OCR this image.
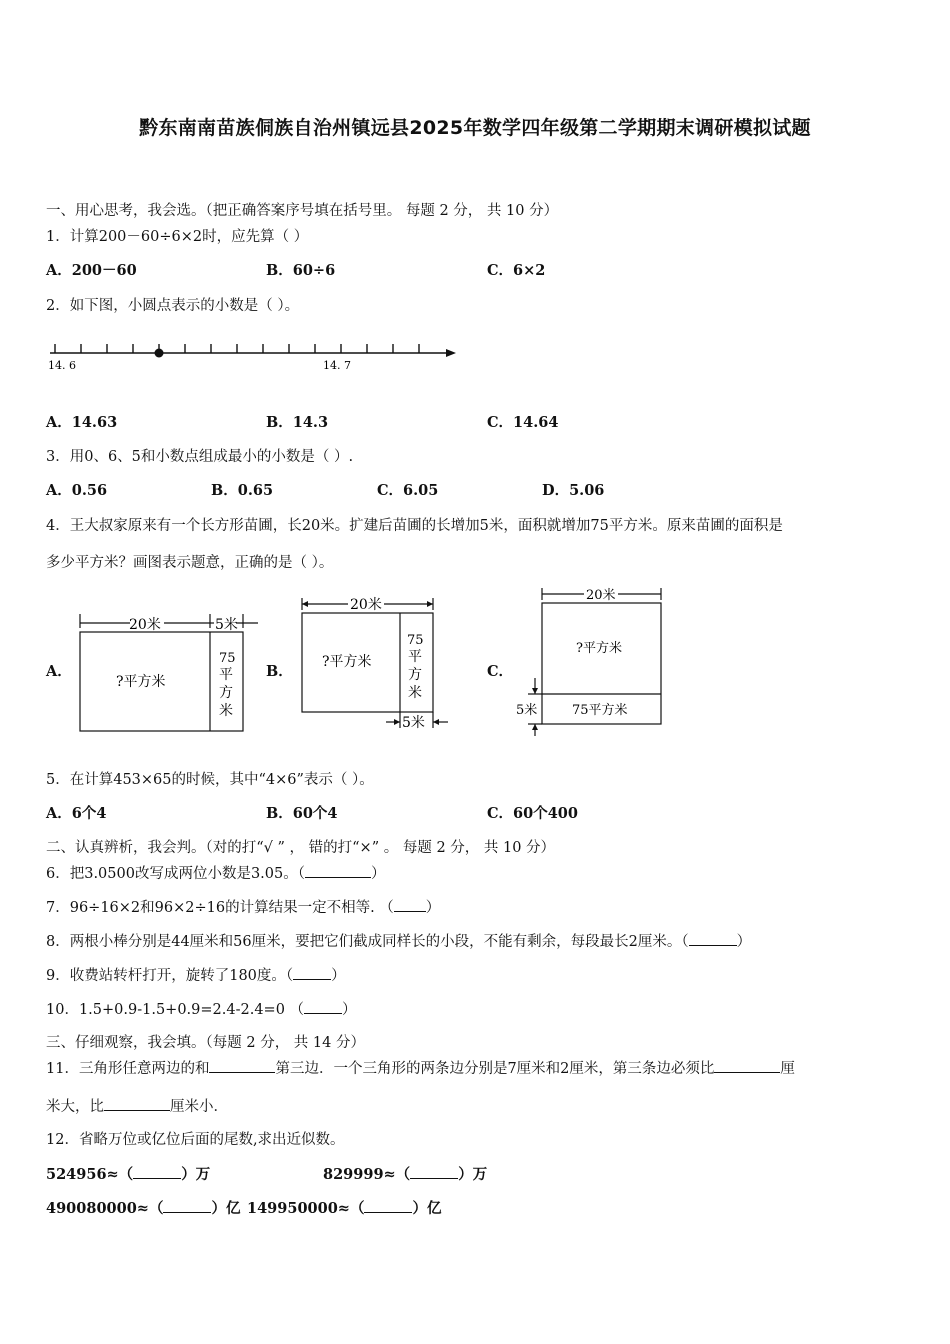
黔东南南苗族侗族自治州镇远县2025年数学四年级第二学期期末调研模拟试题
一、用心思考，我会选。（把正确答案序号填在括号里。 每题 2 分， 共 10 分）
1．计算200－60÷6×2时，应先算（ ）
A．200－60	B．60÷6	C．6×2
2．如下图，小圆点表示的小数是（ ）。
14. 6	14. 7
A．14.63	B．14.3	C．14.64
3．用0、6、5和小数点组成最小的小数是（ ）.
A．0.56	B．0.65	C．6.05	D．5.06
4．王大叔家原来有一个长方形苗圃，长20米。扩建后苗圃的长增加5米，面积就增加75平方米。原来苗圃的面积是
多少平方米？画图表示题意，正确的是（ ）。
A．	B．	C．
20米	5米
?平方米
75
平
方
米
20米
?平方米
75
平
方
米
5米
20米
?平方米
5米	75平方米
5．在计算453×65的时候，其中“4×6”表示（ ）。
A．6个4	B．60个4	C．60个400
二、认真辨析，我会判。（对的打“√ ” ， 错的打“×” 。 每题 2 分， 共 10 分）
6．把3.0500改写成两位小数是3.05。（	）
7．96÷16×2和96×2÷16的计算结果一定不相等. （ ）
8．两根小棒分别是44厘米和56厘米，要把它们截成同样长的小段，不能有剩余，每段最长2厘米。（	）
9．收费站转杆打开，旋转了180度。（	）
10．1.5+0.9-1.5+0.9=2.4-2.4=0 （	）
三、仔细观察，我会填。（每题 2 分， 共 14 分）
11．三角形任意两边的和	第三边．一个三角形的两条边分别是7厘米和2厘米，第三条边必须比	厘
米大，比	厘米小．
12．省略万位或亿位后面的尾数,求出近似数。
524956≈（	）万	829999≈（	）万
490080000≈（	）亿 149950000≈（	）亿
